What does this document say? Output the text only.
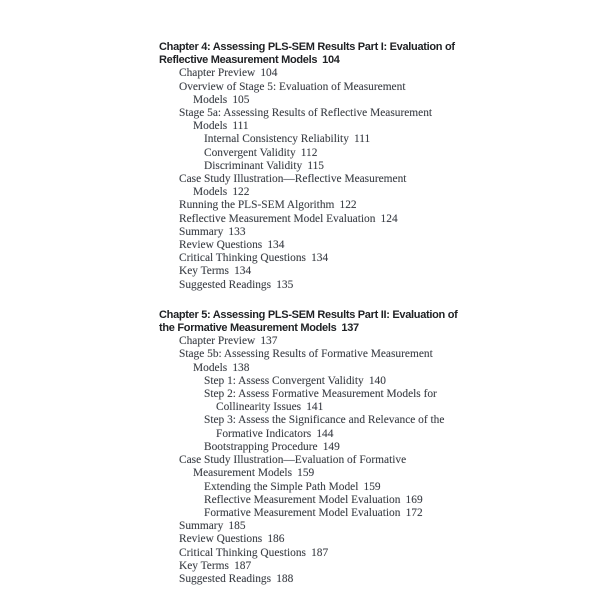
Chapter 4: Assessing PLS-SEM Results Part I: Evaluation of
Reflective Measurement Models 104
Chapter Preview 104
Overview of Stage 5: Evaluation of Measurement
Models 105
Stage 5a: Assessing Results of Reflective Measurement
Models 111
Internal Consistency Reliability 111
Convergent Validity 112
Discriminant Validity 115
Case Study Illustration—Reflective Measurement
Models 122
Running the PLS-SEM Algorithm 122
Reflective Measurement Model Evaluation 124
Summary 133
Review Questions 134
Critical Thinking Questions 134
Key Terms 134
Suggested Readings 135
Chapter 5: Assessing PLS-SEM Results Part II: Evaluation of
the Formative Measurement Models 137
Chapter Preview 137
Stage 5b: Assessing Results of Formative Measurement
Models 138
Step 1: Assess Convergent Validity 140
Step 2: Assess Formative Measurement Models for
Collinearity Issues 141
Step 3: Assess the Significance and Relevance of the
Formative Indicators 144
Bootstrapping Procedure 149
Case Study Illustration—Evaluation of Formative
Measurement Models 159
Extending the Simple Path Model 159
Reflective Measurement Model Evaluation 169
Formative Measurement Model Evaluation 172
Summary 185
Review Questions 186
Critical Thinking Questions 187
Key Terms 187
Suggested Readings 188
